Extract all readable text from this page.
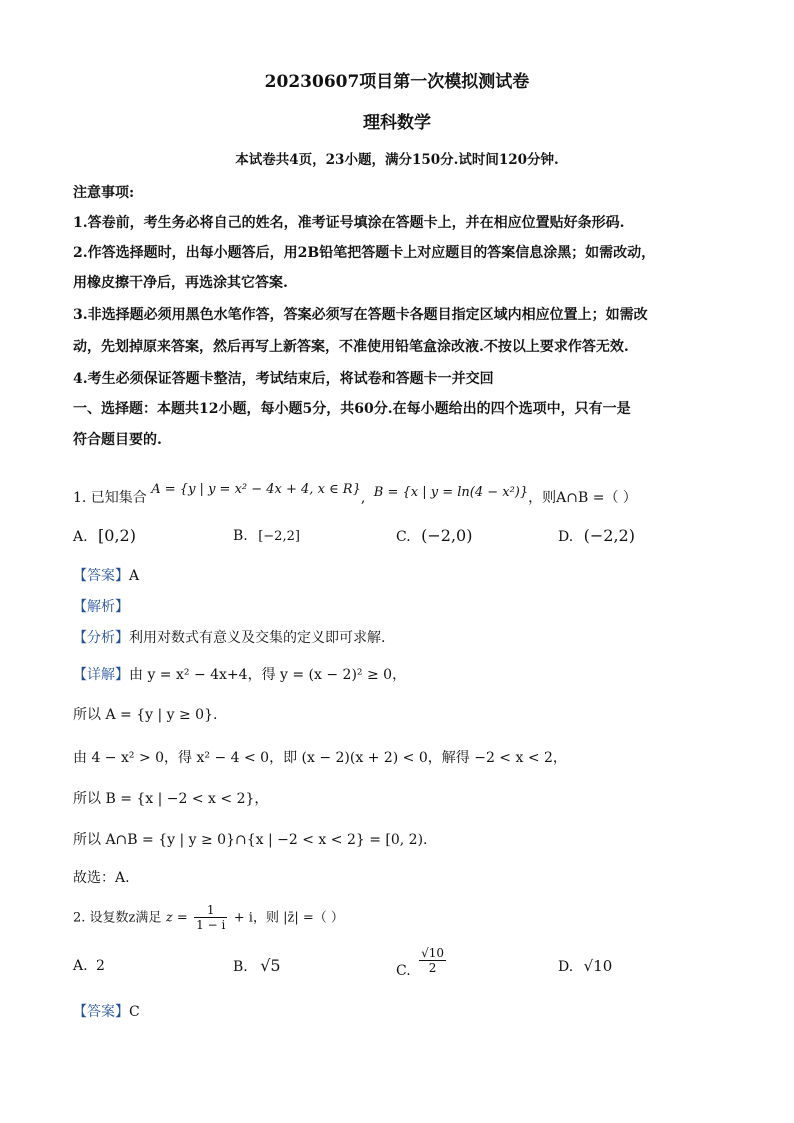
20230607项目第一次模拟测试卷
理科数学
本试卷共4页，23小题，满分150分.试时间120分钟.
注意事项:
1.答卷前，考生务必将自己的姓名，准考证号填涂在答题卡上，并在相应位置贴好条形码.
2.作答选择题时，出每小题答后，用2B铅笔把答题卡上对应题目的答案信息涂黑；如需改动，
用橡皮擦干净后，再选涂其它答案.
3.非选择题必须用黑色水笔作答，答案必须写在答题卡各题目指定区域内相应位置上；如需改
动，先划掉原来答案，然后再写上新答案，不准使用铅笔盒涂改液.不按以上要求作答无效.
4.考生必须保证答题卡整洁，考试结束后，将试卷和答题卡一并交回
一、选择题：本题共12小题，每小题5分，共60分.在每小题给出的四个选项中，只有一是
符合题目要的.
1. 已知集合 A = {y | y = x² − 4x + 4, x ∈ R}, B = {x | y = ln(4 − x²)}，则A∩B =（ ）
A. [0,2)	B. [−2,2]	C. (−2,0)	D. (−2,2)
【答案】A
【解析】
【分析】利用对数式有意义及交集的定义即可求解.
【详解】由 y = x² − 4x+4，得 y = (x − 2)² ≥ 0，
所以 A = {y | y ≥ 0}.
由 4 − x² > 0，得 x² − 4 < 0，即 (x − 2)(x + 2) < 0，解得 −2 < x < 2，
所以 B = {x | −2 < x < 2}，
所以 A∩B = {y | y ≥ 0}∩{x | −2 < x < 2} = [0, 2).
故选：A.
2. 设复数z满足 $z = \frac{1}{1 - i} + i$，则 |z̄| =（ ）
A. 2	B. √5	C. $\frac{√10}{2}$	D. √10
【答案】C
